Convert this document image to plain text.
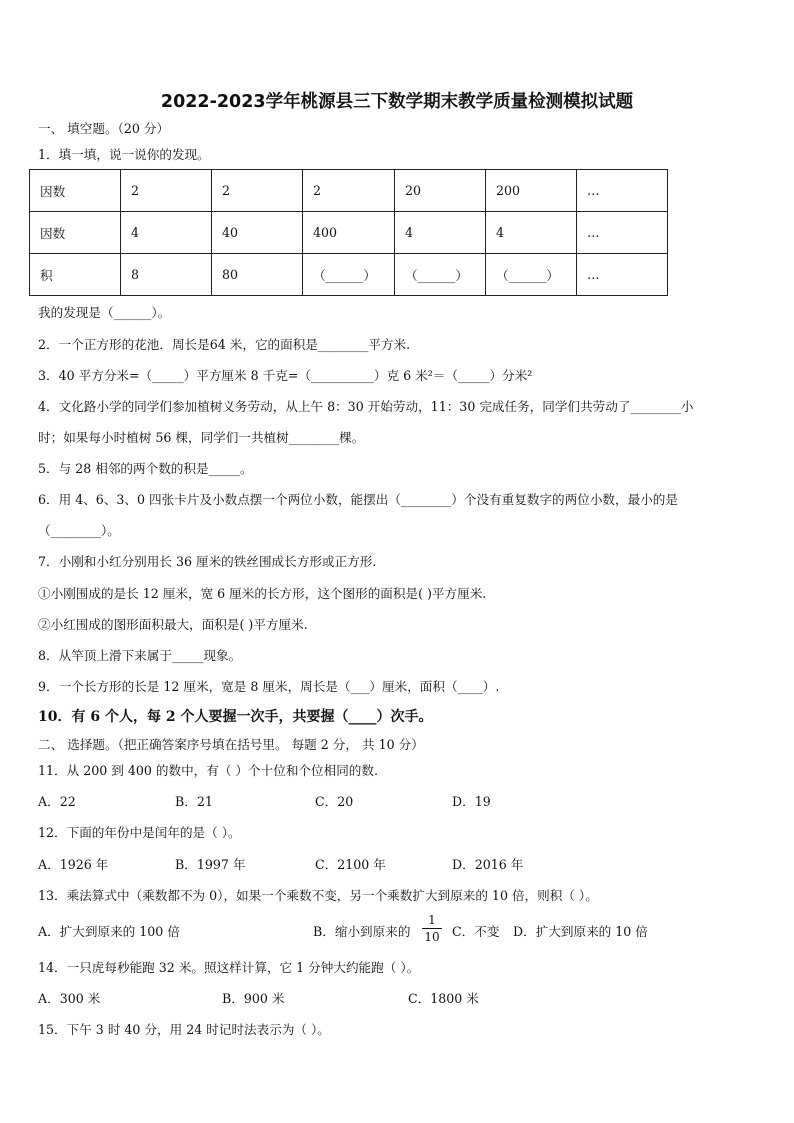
2022-2023学年桃源县三下数学期末教学质量检测模拟试题
一、 填空题。（20 分）
1．填一填，说一说你的发现。
因数	2	2	2	20	200	…
因数	4	40	400	4	4	…
积	8	80	（______）	（______）	（______）	…
我的发现是（______）。
2．一个正方形的花池．周长是64 米，它的面积是________平方米.
3．40 平方分米=（_____）平方厘米 8 千克=（__________）克 6 米²＝（_____）分米²
4．文化路小学的同学们参加植树义务劳动，从上午 8：30 开始劳动，11：30 完成任务，同学们共劳动了________小
时；如果每小时植树 56 棵，同学们一共植树________棵。
5．与 28 相邻的两个数的积是_____。
6．用 4、6、3、0 四张卡片及小数点摆一个两位小数，能摆出（________）个没有重复数字的两位小数，最小的是
（________）。
7．小刚和小红分别用长 36 厘米的铁丝围成长方形或正方形.
①小刚围成的是长 12 厘米，宽 6 厘米的长方形，这个图形的面积是( )平方厘米.
②小红围成的图形面积最大，面积是( )平方厘米.
8．从竿顶上滑下来属于_____现象。
9．一个长方形的长是 12 厘米，宽是 8 厘米，周长是（___）厘米，面积（____）.
10．有 6 个人，每 2 个人要握一次手，共要握（____）次手。
二、 选择题。（把正确答案序号填在括号里。 每题 2 分， 共 10 分）
11．从 200 到 400 的数中，有（ ）个十位和个位相同的数.
A．22	B．21	C．20	D．19
12．下面的年份中是闰年的是（ ）。
A．1926 年	B．1997 年	C．2100 年	D．2016 年
13．乘法算式中（乘数都不为 0），如果一个乘数不变，另一个乘数扩大到原来的 10 倍，则积（ ）。
A．扩大到原来的 100 倍	B．缩小到原来的
1
10 C．不变 D．扩大到原来的 10 倍
14．一只虎每秒能跑 32 米。照这样计算，它 1 分钟大约能跑（ ）。
A．300 米	B．900 米	C．1800 米
15．下午 3 时 40 分，用 24 时记时法表示为（ ）。
